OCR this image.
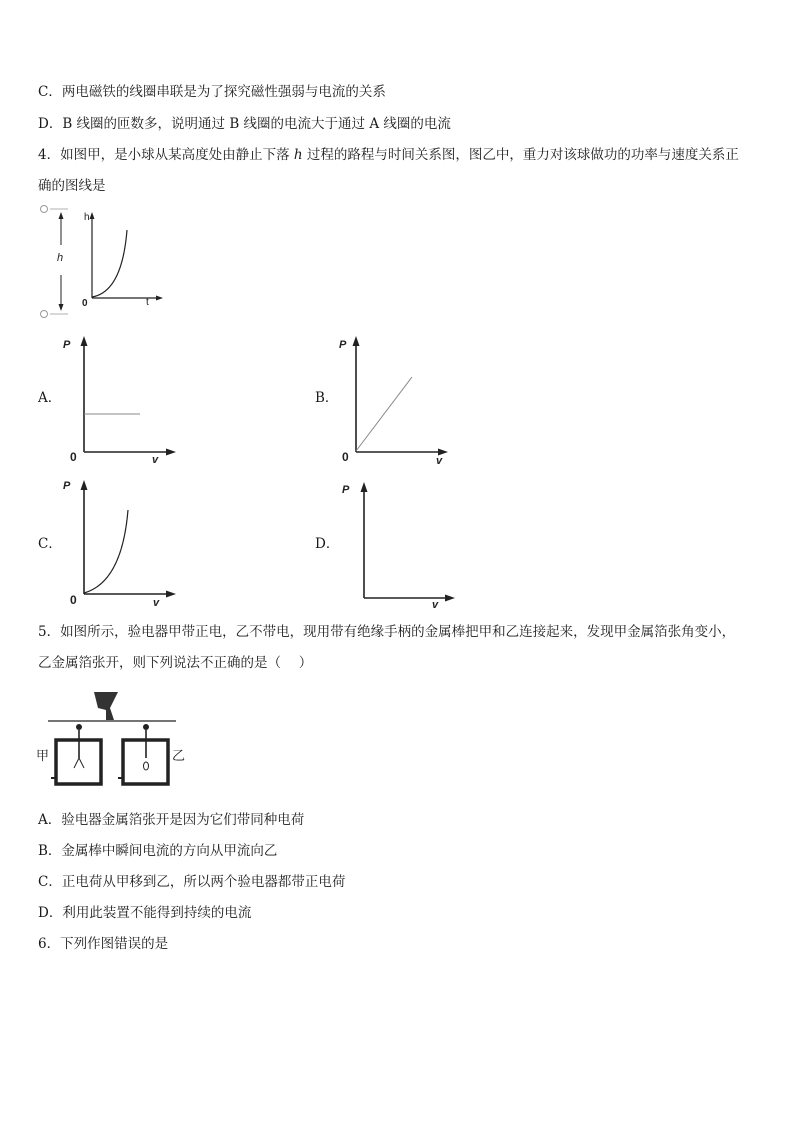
C．两电磁铁的线圈串联是为了探究磁性强弱与电流的关系
D．B 线圈的匝数多，说明通过 B 线圈的电流大于通过 A 线圈的电流
4．如图甲，是小球从某高度处由静止下落 h 过程的路程与时间关系图，图乙中，重力对该球做功的功率与速度关系正
确的图线是
h
h
t
0
A．	B．
C．	D．
P
v
0
P
0	v
P
v
0
P
v
5．如图所示，验电器甲带正电，乙不带电，现用带有绝缘手柄的金属棒把甲和乙连接起来，发现甲金属箔张角变小，
乙金属箔张开，则下列说法不正确的是（　 ）
甲	乙
A．验电器金属箔张开是因为它们带同种电荷
B．金属棒中瞬间电流的方向从甲流向乙
C．正电荷从甲移到乙，所以两个验电器都带正电荷
D．利用此装置不能得到持续的电流
6．下列作图错误的是
